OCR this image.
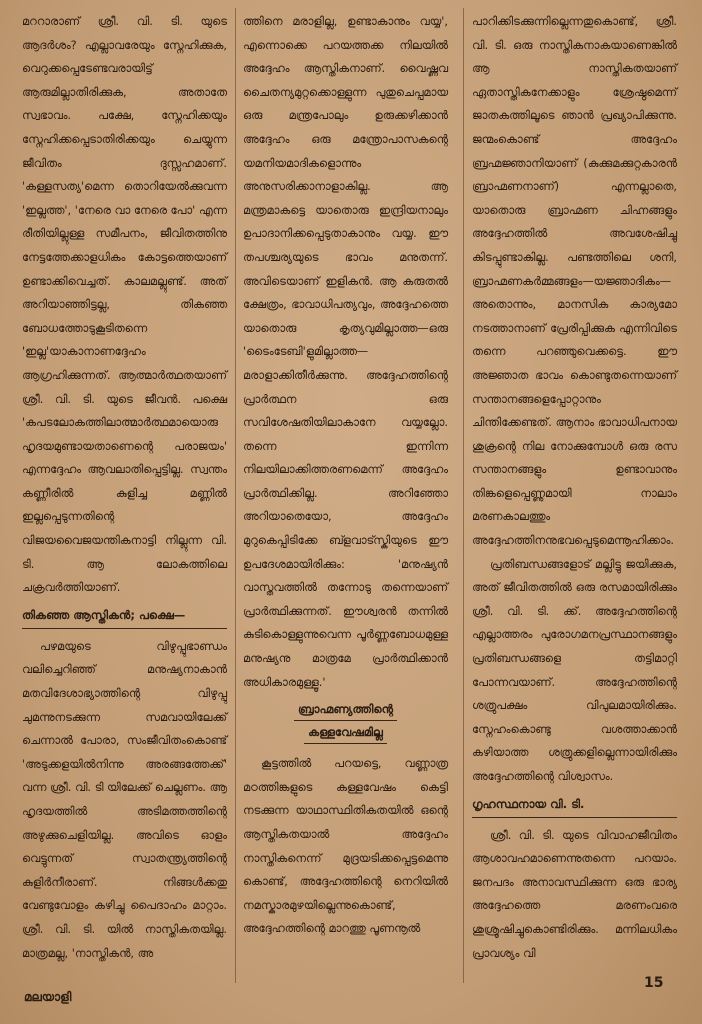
മററാരാണ് ശ്രീ. വി. ടി. യുടെ ആദർശം? എല്ലാവരേയും സ്നേഹിക്കുക, വെറുക്കപ്പെടേണ്ടവരായിട്ട് ആരുമില്ലാതിരിക്കുക, അതാതേ സ്വഭാവം. പക്ഷേ, സ്നേഹിക്കയും സ്നേഹിക്കപ്പെടാതിരിക്കയും ചെയ്യുന്ന ജീവിതം ദുസ്സഹമാണ്. 'കള്ളസത്യ'മെന്ന തൊറിയേൽക്കുവന്ന 'ഇല്ലത്ത', 'നേരെ വാ നേരെ പോ' എന്ന രീതിയില്ലുള്ള സമീപനം, ജീവിതത്തിനു നേട്ടത്തേക്കാളധികം കോട്ടത്തെയാണ് ഉണ്ടാക്കിവെച്ചത്. കാലമല്ലുണ്ട്. അത് അറിയാഞ്ഞിട്ടല്ല, തികഞ്ഞ ബോധത്തോടുകൂടിതന്നെ 'ഇല്ല'യാകാനാണദ്ദേഹം ആഗ്രഹിക്കുന്നത്. ആത്മാർത്ഥതയാണ് ശ്രീ. വി. ടി. യുടെ ജീവൻ. പക്ഷെ 'കപടലോകത്തിലാത്മാർത്ഥമായൊരു ഹൃദയമുണ്ടായതാണെന്റെ പരാജയം' എന്നദ്ദേഹം ആവലാതിപ്പെട്ടില്ല. സ്വന്തം കണ്ണീരിൽ കുളിച്ച മണ്ണിൽ ഇല്ലപ്പെടുന്നതിന്റെ വിജയവൈജയന്തികനാട്ടി നില്ലുന്ന വി. ടി. ആ ലോകത്തിലെ ചക്രവർത്തിയാണ്.

തികഞ്ഞ ആസ്തികൻ; പക്ഷെ—

പഴമയുടെ വിഴുപ്പുഭാണ്ഡം വലിച്ചെറിഞ്ഞ് മനുഷ്യനാകാൻ മതവിദേശാഭ്യാത്തിന്റെ വിഴുപ്പു ചുമന്നുനടക്കുന്ന സമവായിലേക്ക് ചെന്നാൽ പോരാ, സംജീവിതംകൊണ്ട് 'അടുക്കളയിൽനിന്നു അരങ്ങത്തേക്ക്' വന്ന ശ്രീ. വി. ടി യിലേക്ക് ചെല്ലണം. ആ ഹൃദയത്തിൽ അടിമത്തത്തിന്റെ അഴുക്കുചെളിയില്ല. അവിടെ ഓളം വെട്ടുന്നത് സ്വാതന്ത്ര്യത്തിന്റെ കുളിർനീരാണ്. നിങ്ങൾക്കതു വേണ്ടുവോളം കഴിച്ചു പൈദാഹം മാറ്റാം. ശ്രീ. വി. ടി. യിൽ നാസ്തികതയില്ല. മാത്രമല്ല, 'നാസ്തികൻ, അ

ത്തിനെ മരാളില്ല, ഉണ്ടാകാനും വയ്യ', എന്നൊക്കെ പറയത്തക്ക നിലയിൽ അദ്ദേഹം ആസ്തികനാണ്. വൈഷ്ണവ ചൈതന്യമുറ്റക്കൊള്ളുന്ന പുതുചെപ്പമായ ഒരു മന്ത്രപോലും ഉരുക്കഴിക്കാൻ അദ്ദേഹം ഒരു മന്ത്രോപാസകന്റെ യമനിയമാദികളൊന്നും അനുസരിക്കാനാളാകില്ല. ആ മന്ത്രമാകട്ടെ യാതൊരു ഇന്ദ്രിയനാലും ഉപാദാനിക്കപ്പെടുതാകാനും വയ്യ. ഈ തപശ്ചര്യയുടെ ഭാവം മനുതന്ന്. അവിടെയാണ് ഇളികൻ. ആ കരുതൽ ക്ഷേത്രം, ഭാവാധിപത്യവും, അദ്ദേഹത്തെ യാതൊരു കൃത്യവുമില്ലാത്ത—ഒരു 'ടൈംടേബി'ളുമില്ലാത്ത— മരാളാക്കിതീർക്കുന്നു. അദ്ദേഹത്തിന്റെ പ്രാർത്ഥന ഒരു സവിശേഷതിയിലാകാനേ വയ്യല്ലോ. തന്നെ ഇന്നിന്ന നിലയിലാക്കിത്തരണമെന്ന് അദ്ദേഹം പ്രാർത്ഥിക്കില്ല. അറിഞ്ഞോ അറിയാതെയോ, അദ്ദേഹം മുറുകെപ്പിടിക്കേ ബ്ളവാട്സ്കിയുടെ ഈ ഉപദേശമായിരിക്കും: 'മനുഷ്യൻ വാസ്തവത്തിൽ തന്നോടു തന്നെയാണ് പ്രാർത്ഥിക്കുന്നത്. ഈശ്വരൻ തന്നിൽ കുടികൊള്ളുന്നുവെന്ന പൂർണ്ണബോധമുള്ള മനുഷ്യനു മാത്രമേ പ്രാർത്ഥിക്കാൻ അധികാരമുള്ളൂ.'

ബ്രാഹ്മണ്യത്തിന്റെ
കള്ളവേഷമില്ല

കൂട്ടത്തിൽ പറയട്ടെ, വണ്ണാത്ര മഠത്തിങ്കളുടെ കള്ളവേഷം കെട്ടി നടക്കുന്ന യാഥാസ്ഥിതികതയിൽ ഒന്റെ ആസ്തികതയാൽ അദ്ദേഹം നാസ്തികനെന്ന് മുദ്രയടിക്കപ്പെട്ടമെന്നു കൊണ്ട്, അദ്ദേഹത്തിന്റെ നെറിയിൽ നമസ്കാരമുഴയില്ലെന്നുകൊണ്ട്, അദ്ദേഹത്തിന്റെ മാറത്തു പൂണനൂൽ

പാറിക്കിടക്കുന്നില്ലെന്നതുകൊണ്ട്, ശ്രീ. വി. ടി. ഒരു നാസ്തികനാകയാണെങ്കിൽ ആ നാസ്തികതയാണ് ഏതാസ്തികനേക്കാളും ശ്രേഷ്ഠമെന്ന് ജാതകത്തിലൂടെ ഞാൻ പ്രഖ്യാപിക്കുന്നു. ജന്മംകൊണ്ട് അദ്ദേഹം ബ്രഹ്മജ്ഞാനിയാണ് (കുക്കുമക്കുറ്റകാരൻ ബ്രാഹ്മണനാണ്) എന്നല്ലാതെ, യാതൊരു ബ്രാഹ്മണ ചിഹ്നങ്ങളും അദ്ദേഹത്തിൽ അവശേഷിച്ചു കിടപ്പുണ്ടാകില്ല. പണ്ടത്തിലെ ശനി, ബ്രാഹ്മണകർമ്മങ്ങളം—യജ്ഞാദികം—അതൊന്നും, മാനസിക കാര്യമോ നടത്താനാണ് പ്രേരിപ്പിക്കുക എന്നിവിടെ തന്നെ പറഞ്ഞുവെക്കട്ടെ. ഈ അജ്ഞാത ഭാവം കൊണ്ടുതന്നെയാണ് സന്താനങ്ങളെപ്പോറ്റാനും ചിന്തിക്കേണ്ടത്. ആനാം ഭാവാധിപനായ ശുക്രന്റെ നില നോക്കുമ്പോൾ ഒരു രസ സന്താനങ്ങളും ഉണ്ടാവാനും തിങ്കളെപ്പെണ്ണുമായി നാലാം മരണകാലത്തും അദ്ദേഹത്തിനനുഭവപ്പെടുമെന്നൂഹിക്കാം.

പ്രതിബന്ധങ്ങളോട് മല്ലിട്ടു ജയിക്കുക, അത് ജീവിതത്തിൽ ഒരു രസമായിരിക്കും ശ്രീ. വി. ടി. ക്ക്. അദ്ദേഹത്തിന്റെ എല്ലാത്തരം പുരോഗമനപ്രസ്ഥാനങ്ങളും പ്രതിബന്ധങ്ങളെ തട്ടിമാറ്റി പോന്നവയാണ്. അദ്ദേഹത്തിന്റെ ശത്രുപക്ഷം വിപുലമായിരിക്കും. സ്നേഹംകൊണ്ടു വശത്താക്കാൻ കഴിയാത്ത ശത്രുക്കളില്ലെന്നായിരിക്കും അദ്ദേഹത്തിന്റെ വിശ്വാസം.

ഗൃഹസ്ഥനായ വി. ടി.

ശ്രീ. വി. ടി. യുടെ വിവാഹജീവിതം ആശാവഹമാണെന്നുതന്നെ പറയാം. ജനപദം അനാവസ്ഥിക്കുന്ന ഒരു ഭാര്യ അദ്ദേഹത്തെ മരണംവരെ ശുശ്രൂഷിച്ചുകൊണ്ടിരിക്കും. മന്നിലധികം പ്രാവശ്യം വി

മലയാളി
15
